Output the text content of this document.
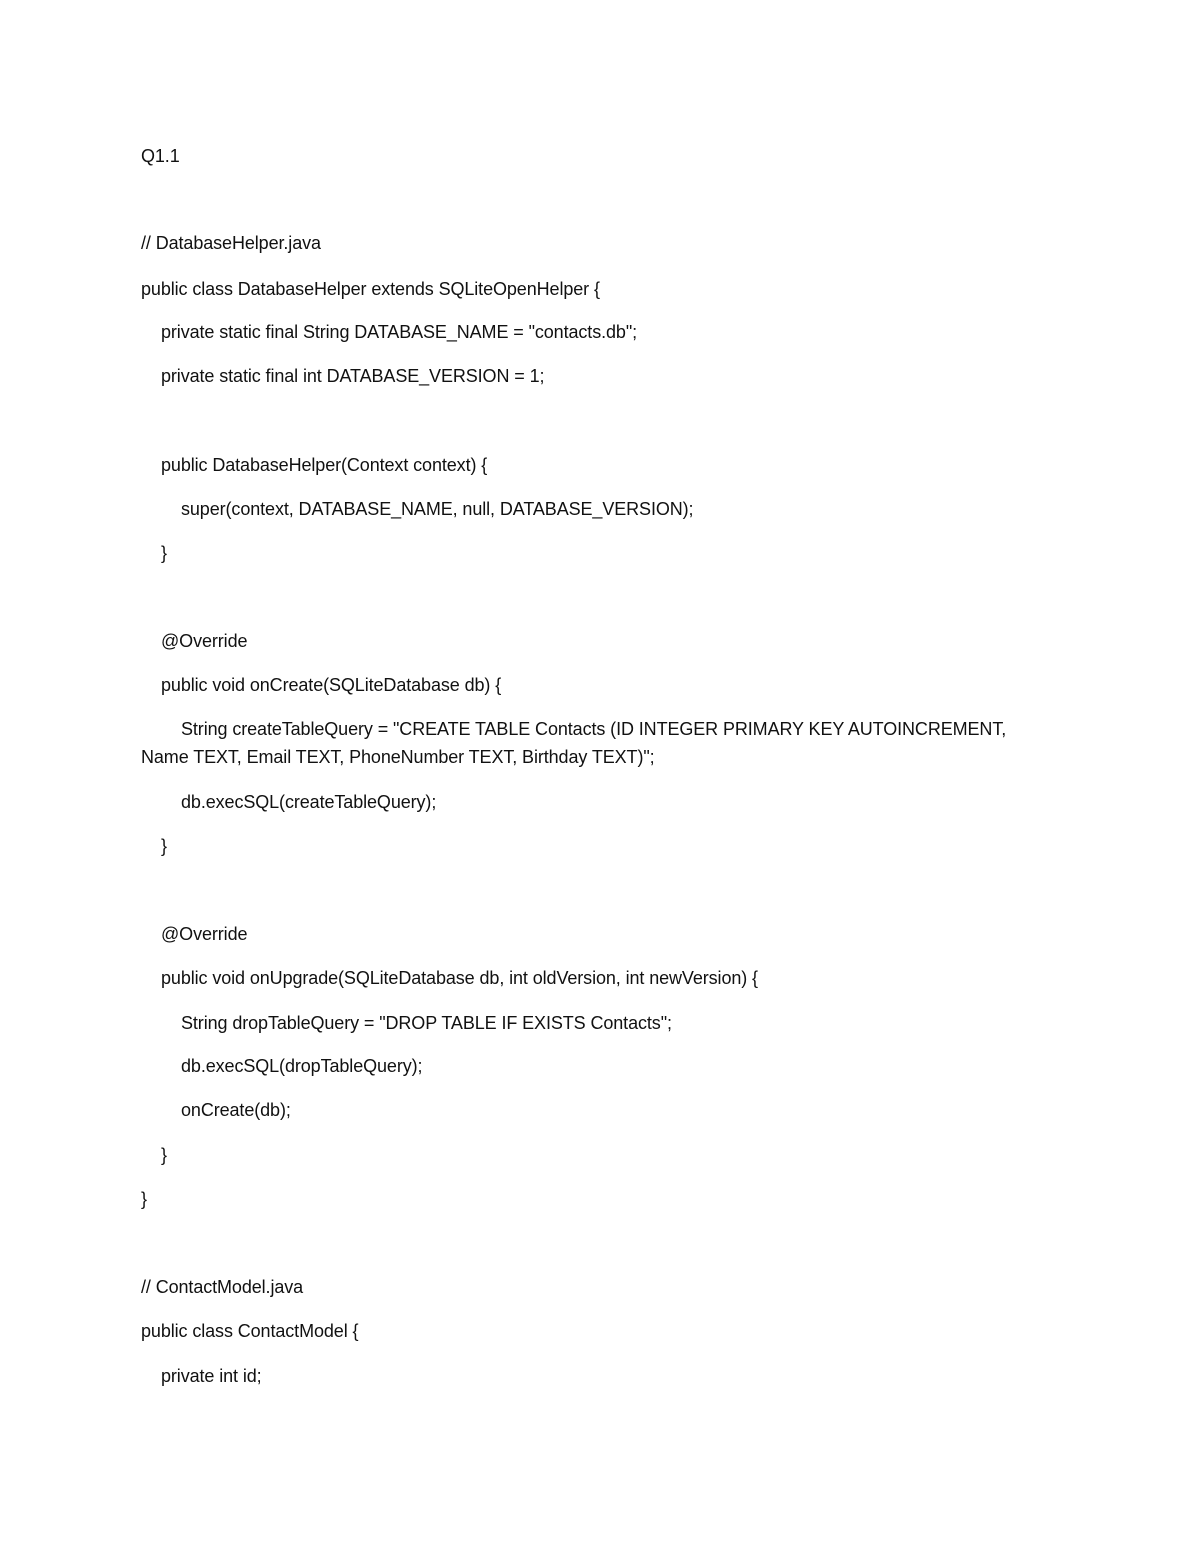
Q1.1
// DatabaseHelper.java
public class DatabaseHelper extends SQLiteOpenHelper {
private static final String DATABASE_NAME = "contacts.db";
private static final int DATABASE_VERSION = 1;
public DatabaseHelper(Context context) {
super(context, DATABASE_NAME, null, DATABASE_VERSION);
}
@Override
public void onCreate(SQLiteDatabase db) {
String createTableQuery = "CREATE TABLE Contacts (ID INTEGER PRIMARY KEY AUTOINCREMENT,
Name TEXT, Email TEXT, PhoneNumber TEXT, Birthday TEXT)";
db.execSQL(createTableQuery);
}
@Override
public void onUpgrade(SQLiteDatabase db, int oldVersion, int newVersion) {
String dropTableQuery = "DROP TABLE IF EXISTS Contacts";
db.execSQL(dropTableQuery);
onCreate(db);
}
}
// ContactModel.java
public class ContactModel {
private int id;
